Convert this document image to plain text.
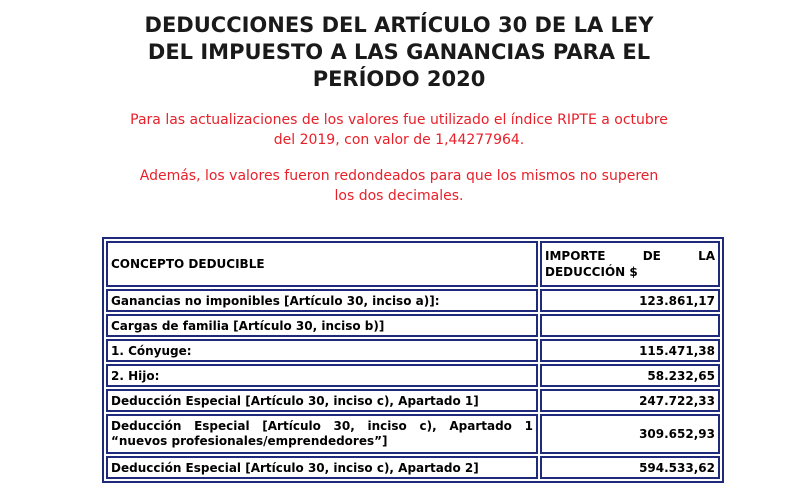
DEDUCCIONES DEL ARTÍCULO 30 DE LA LEY
DEL IMPUESTO A LAS GANANCIAS PARA EL
PERÍODO 2020
Para las actualizaciones de los valores fue utilizado el índice RIPTE a octubre
del 2019, con valor de 1,44277964.
Además, los valores fueron redondeados para que los mismos no superen
los dos decimales.
CONCEPTO DEDUCIBLE	IMPORTE DE LA DEDUCCIÓN $

Ganancias no imponibles [Artículo 30, inciso a)]:	123.861,17
Cargas de familia [Artículo 30, inciso b)]	
1. Cónyuge:	115.471,38
2. Hijo:	58.232,65
Deducción Especial [Artículo 30, inciso c), Apartado 1]	247.722,33

Deducción Especial [Artículo 30, inciso c), Apartado 1 “nuevos profesionales/emprendedores”]	309.652,93
Deducción Especial [Artículo 30, inciso c), Apartado 2]	594.533,62
